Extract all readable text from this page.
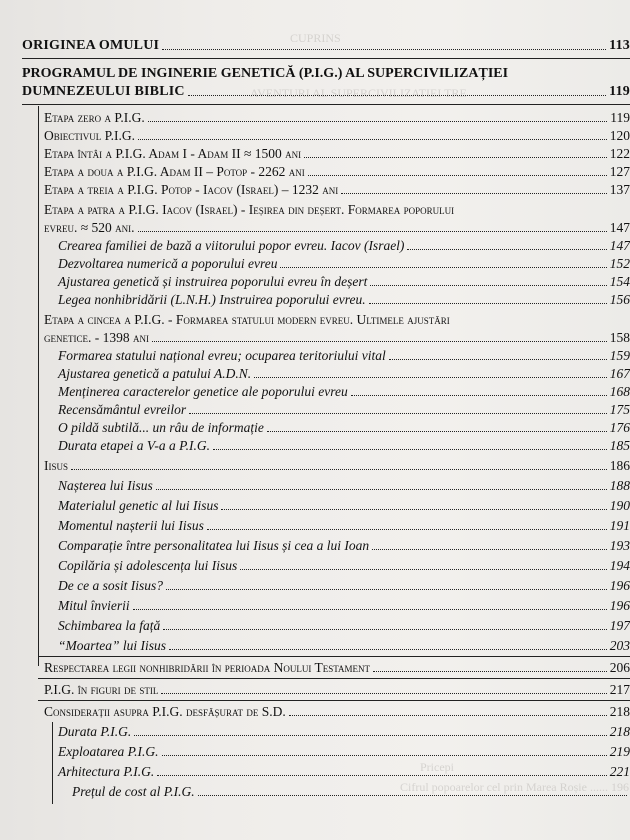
CUPRINS
AVENTURI AL SUPERCIVILIZATIEI TRE
Pricepi
Cifrul popoarelor cel prin Marea Roșie ...... 196
ORIGINEA OMULUI	113
PROGRAMUL DE INGINERIE GENETICĂ (P.I.G.) AL SUPERCIVILIZAȚIEI
DUMNEZEULUI BIBLIC	119
Etapa zero a P.I.G.	119
Obiectivul P.I.G.	120
Etapa întâi a P.I.G. Adam I - Adam II ≈ 1500 ani	122
Etapa a doua a P.I.G. Adam II – Potop - 2262 ani	127
Etapa a treia a P.I.G. Potop - Iacov (Israel) – 1232 ani	137
Etapa a patra a P.I.G. Iacov (Israel) - Ieșirea din deșert. Formarea poporului
evreu. ≈ 520 ani.	147
Crearea familiei de bază a viitorului popor evreu. Iacov (Israel)	147
Dezvoltarea numerică a poporului evreu	152
Ajustarea genetică și instruirea poporului evreu în deșert	154
Legea nonhibridării (L.N.H.) Instruirea poporului evreu.	156
Etapa a cincea a P.I.G. - Formarea statului modern evreu. Ultimele ajustări
genetice. - 1398 ani	158
Formarea statului național evreu; ocuparea teritoriului vital	159
Ajustarea genetică a patului A.D.N.	167
Menținerea caracterelor genetice ale poporului evreu	168
Recensământul evreilor	175
O pildă subtilă... un râu de informație	176
Durata etapei a V-a a P.I.G.	185
Iisus	186
Nașterea lui Iisus	188
Materialul genetic al lui Iisus	190
Momentul nașterii lui Iisus	191
Comparație între personalitatea lui Iisus și cea a lui Ioan	193
Copilăria și adolescența lui Iisus	194
De ce a sosit Iisus?	196
Mitul învierii	196
Schimbarea la față	197
“Moartea” lui Iisus	203
Respectarea legii nonhibridării în perioada Noului Testament	206
P.I.G. în figuri de stil	217
Considerații asupra P.I.G. desfășurat de S.D.	218
Durata P.I.G.	218
Exploatarea P.I.G.	219
Arhitectura P.I.G.	221
Prețul de cost al P.I.G.
